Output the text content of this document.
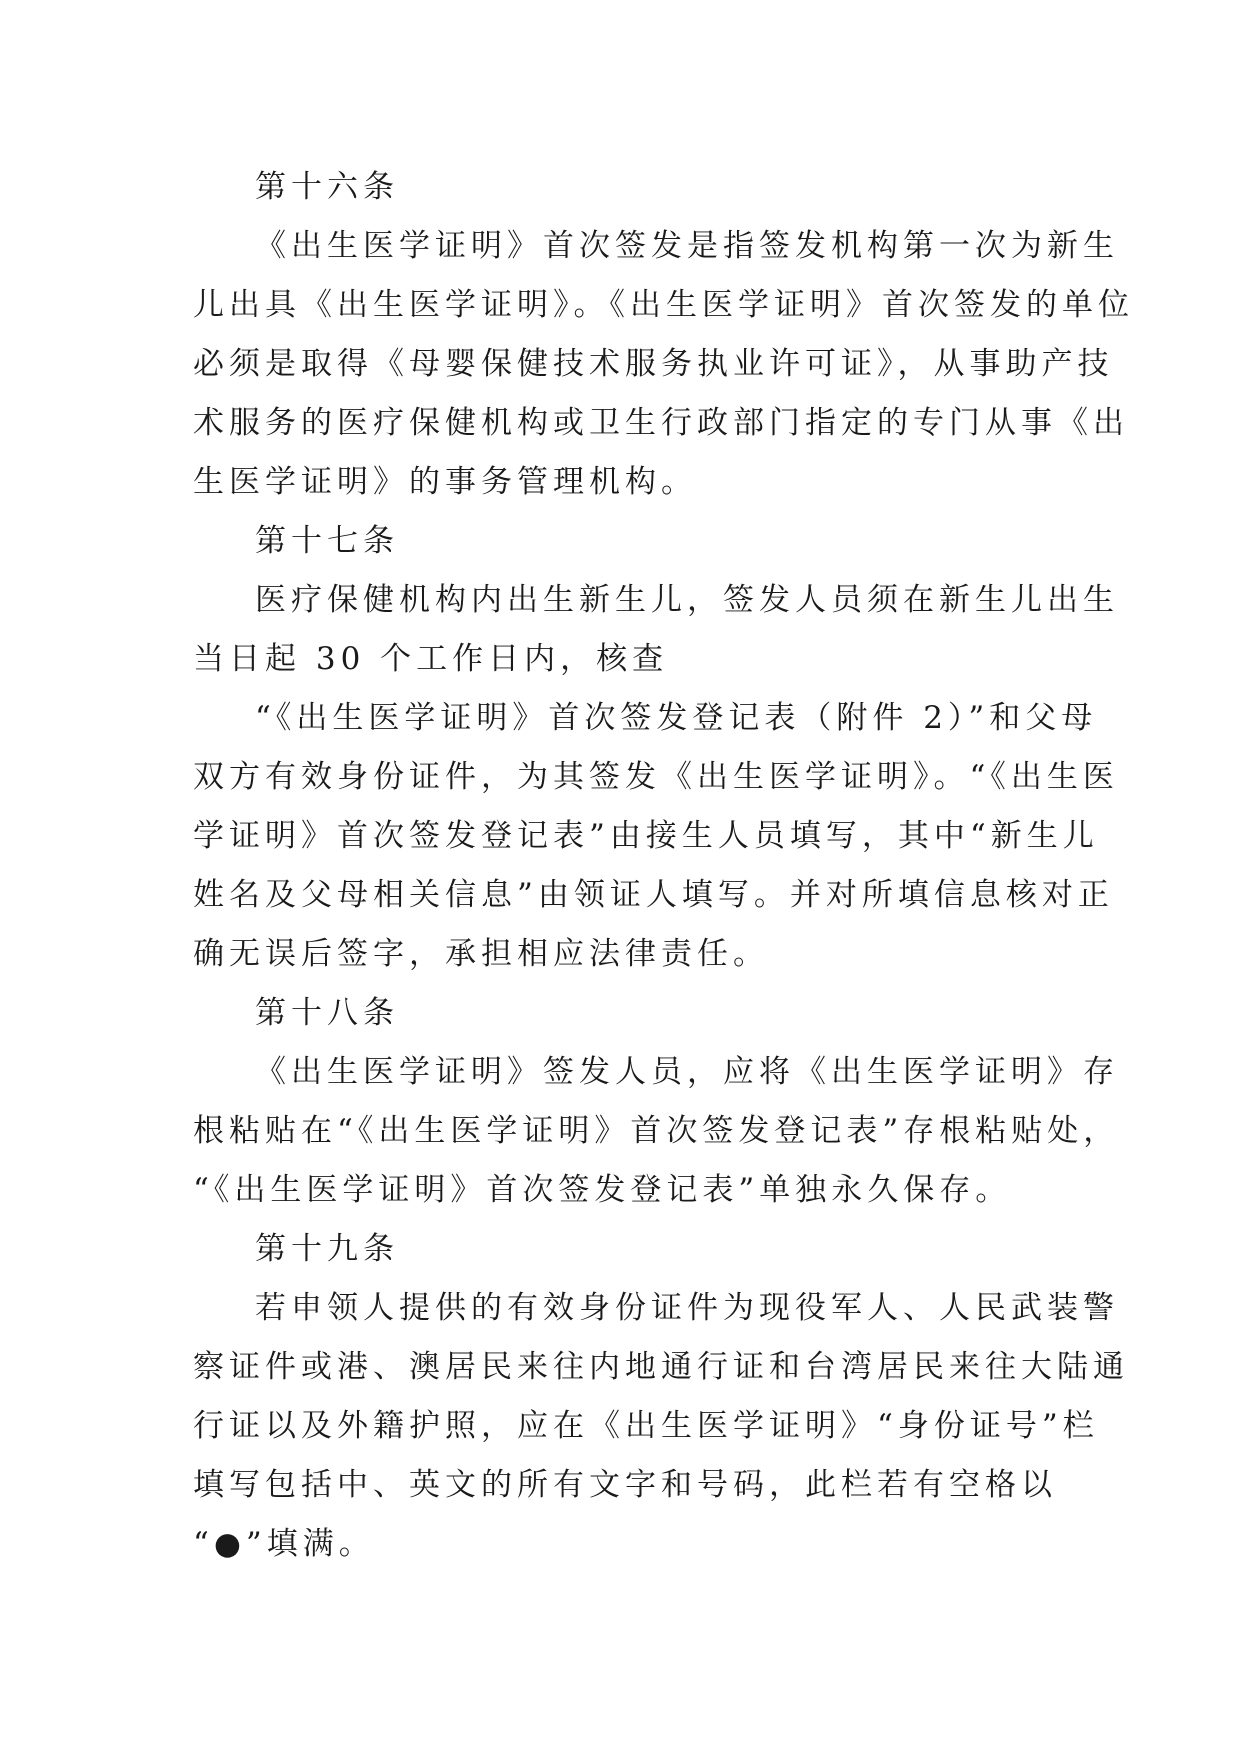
第十六条
《出生医学证明》首次签发是指签发机构第一次为新生
儿出具《出生医学证明》。《出生医学证明》首次签发的单位
必须是取得《母婴保健技术服务执业许可证》，从事助产技
术服务的医疗保健机构或卫生行政部门指定的专门从事《出
生医学证明》的事务管理机构。
第十七条
医疗保健机构内出生新生儿，签发人员须在新生儿出生
当日起 30 个工作日内，核查
“《出生医学证明》首次签发登记表（附件 2）”和父母
双方有效身份证件，为其签发《出生医学证明》。“《出生医
学证明》首次签发登记表”由接生人员填写，其中“新生儿
姓名及父母相关信息”由领证人填写。并对所填信息核对正
确无误后签字，承担相应法律责任。
第十八条
《出生医学证明》签发人员，应将《出生医学证明》存
根粘贴在“《出生医学证明》首次签发登记表”存根粘贴处，
“《出生医学证明》首次签发登记表”单独永久保存。
第十九条
若申领人提供的有效身份证件为现役军人、人民武装警
察证件或港、澳居民来往内地通行证和台湾居民来往大陆通
行证以及外籍护照，应在《出生医学证明》“身份证号”栏
填写包括中、英文的所有文字和号码，此栏若有空格以
“●”填满。
